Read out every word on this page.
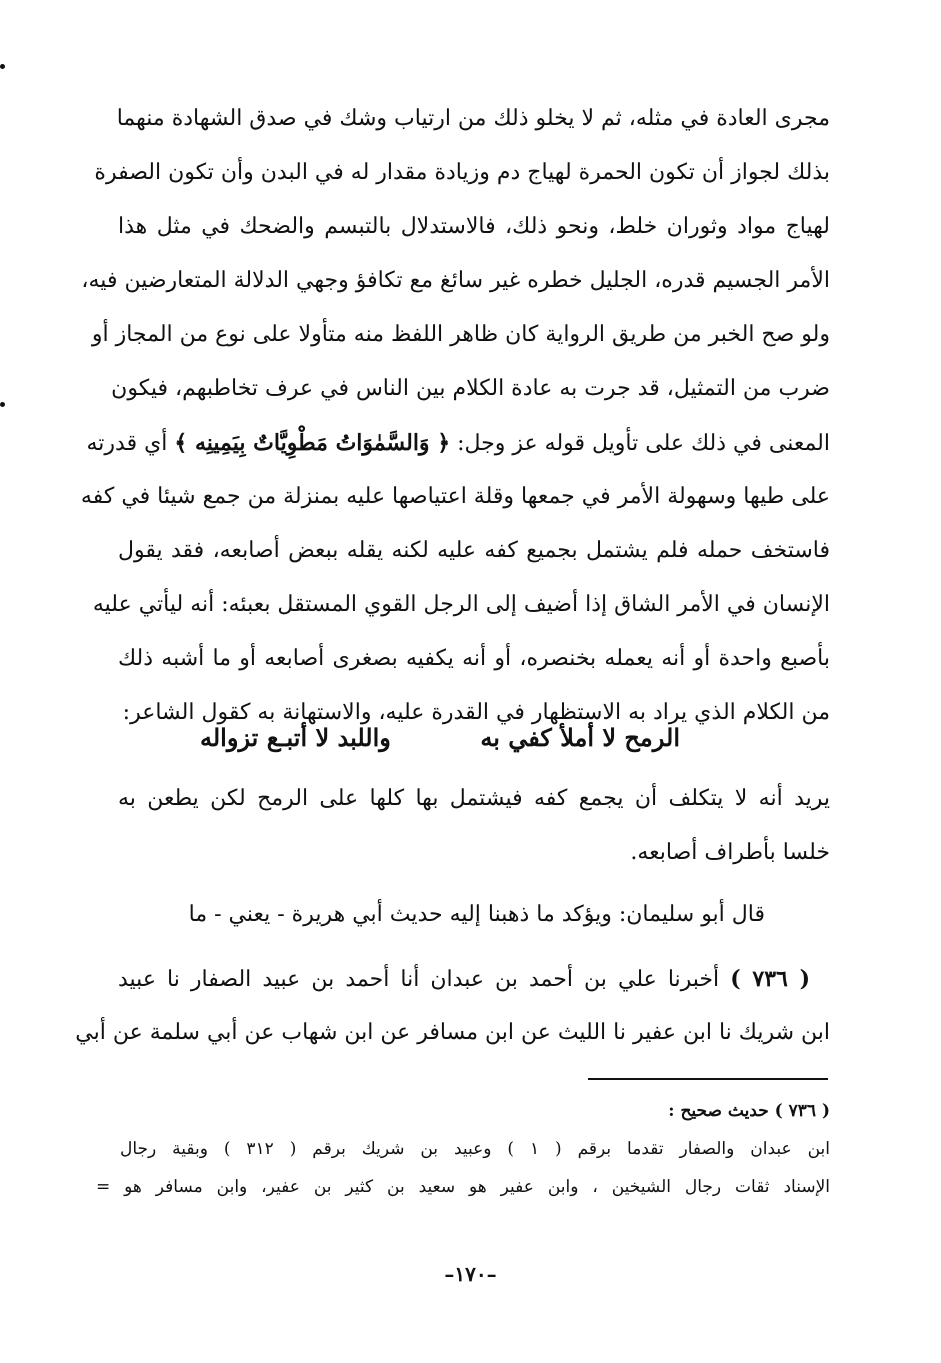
مجرى العادة في مثله، ثم لا يخلو ذلك من ارتياب وشك في صدق الشهادة منهما
بذلك لجواز أن تكون الحمرة لهياج دم وزيادة مقدار له في البدن وأن تكون الصفرة
لهياج مواد وثوران خلط، ونحو ذلك، فالاستدلال بالتبسم والضحك في مثل هذا
الأمر الجسيم قدره، الجليل خطره غير سائغ مع تكافؤ وجهي الدلالة المتعارضين فيه،
ولو صح الخبر من طريق الرواية كان ظاهر اللفظ منه متأولا على نوع من المجاز أو
ضرب من التمثيل، قد جرت به عادة الكلام بين الناس في عرف تخاطبهم، فيكون
المعنى في ذلك على تأويل قوله عز وجل: ﴿ وَالسَّمٰوَاتُ مَطْوِيَّاتٌ بِيَمِينِه ﴾ أي قدرته
على طيها وسهولة الأمر في جمعها وقلة اعتياصها عليه بمنزلة من جمع شيئا في كفه
فاستخف حمله فلم يشتمل بجميع كفه عليه لكنه يقله ببعض أصابعه، فقد يقول
الإنسان في الأمر الشاق إذا أضيف إلى الرجل القوي المستقل بعبئه: أنه ليأتي عليه
بأصبع واحدة أو أنه يعمله بخنصره، أو أنه يكفيه بصغرى أصابعه أو ما أشبه ذلك
من الكلام الذي يراد به الاستظهار في القدرة عليه، والاستهانة به كقول الشاعر:
الرمح لا أملأ كفي به
واللبد لا أتبـع تزواله
يريد أنه لا يتكلف أن يجمع كفه فيشتمل بها كلها على الرمح لكن يطعن به
خلسا بأطراف أصابعه.
قال أبو سليمان: ويؤكد ما ذهبنا إليه حديث أبي هريرة - يعني - ما
( ٧٣٦ ) أخبرنا علي بن أحمد بن عبدان أنا أحمد بن عبيد الصفار نا عبيد
ابن شريك نا ابن عفير نا الليث عن ابن مسافر عن ابن شهاب عن أبي سلمة عن أبي
( ٧٣٦ ) حديث صحيح :
ابن عبدان والصفار تقدما برقم ( ١ ) وعبيد بن شريك برقم ( ٣١٢ ) وبقية رجال
الإسناد ثقات رجال الشيخين ، وابن عفير هو سعيد بن كثير بن عفير، وابن مسافر هو =
–١٧٠–
